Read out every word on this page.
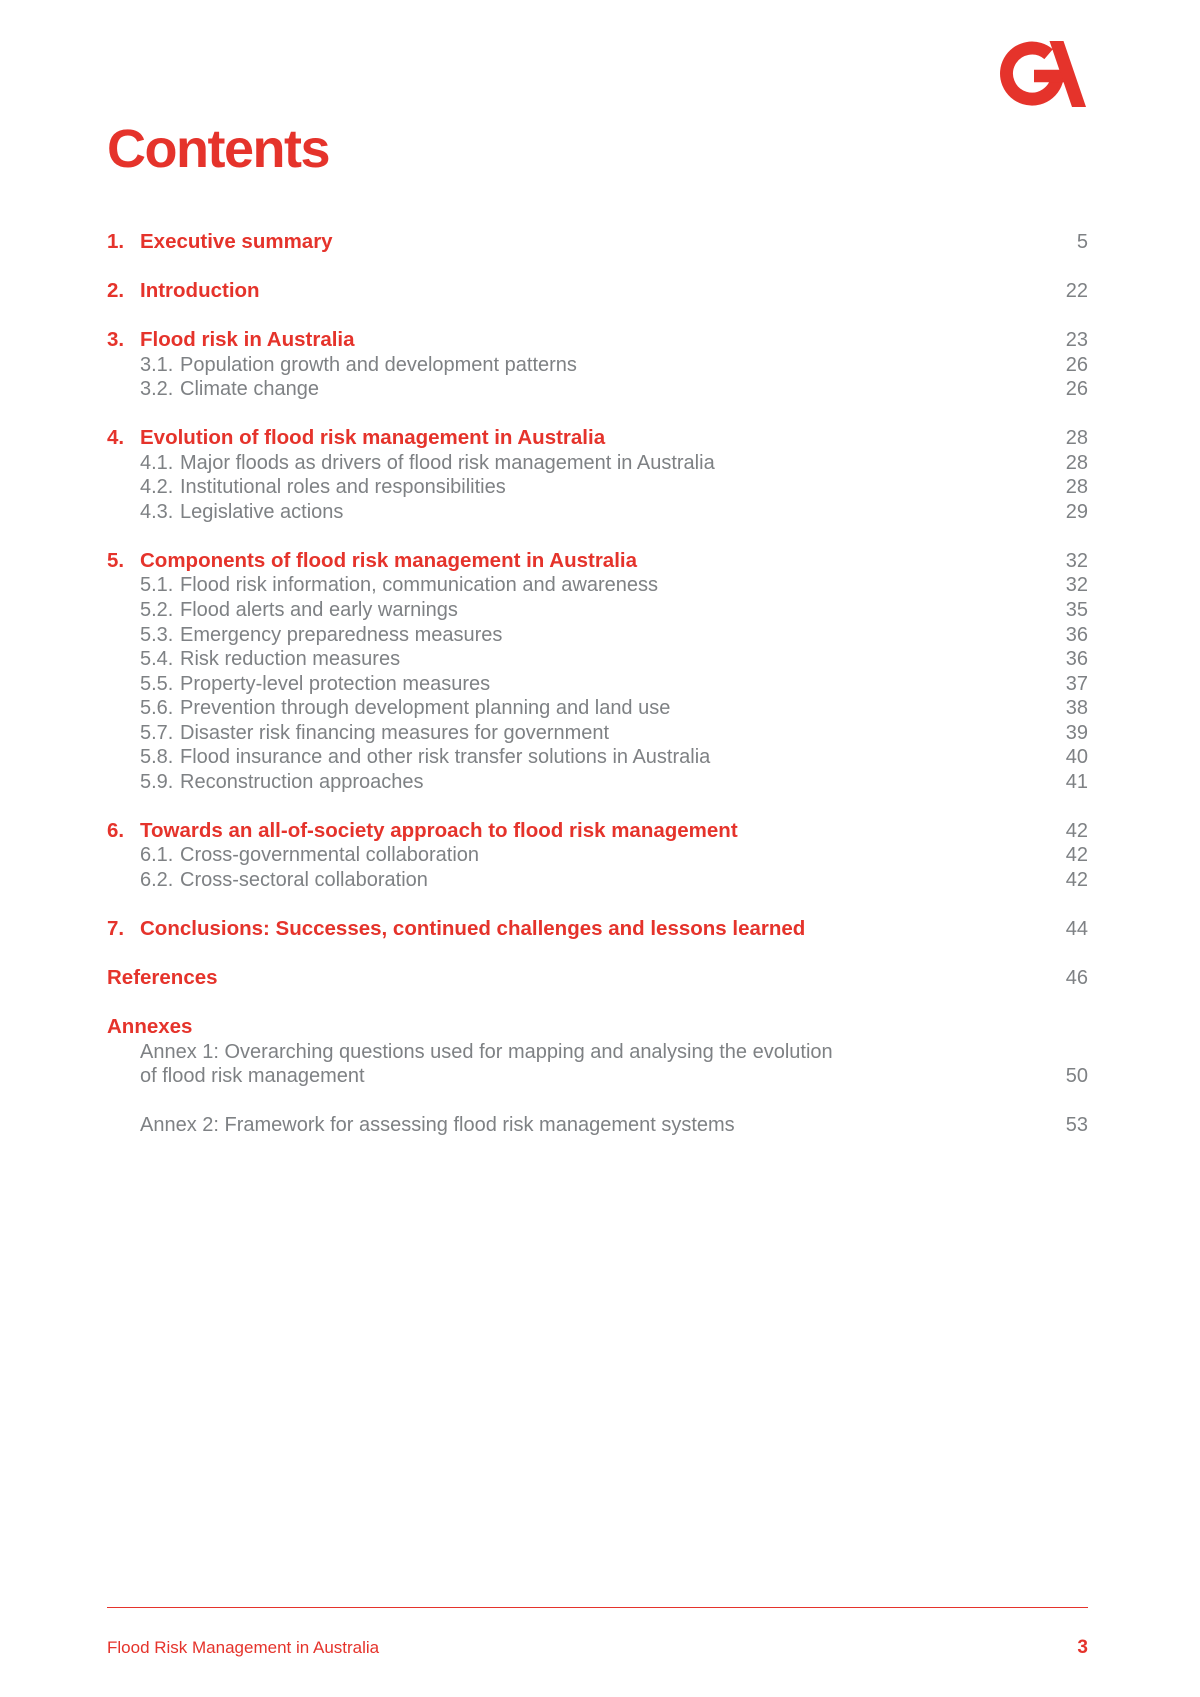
Contents
1. Executive summary	5
2. Introduction	22
3. Flood risk in Australia	23
3.1. Population growth and development patterns	26
3.2. Climate change	26
4. Evolution of flood risk management in Australia	28
4.1. Major floods as drivers of flood risk management in Australia	28
4.2. Institutional roles and responsibilities	28
4.3. Legislative actions	29
5. Components of flood risk management in Australia	32
5.1. Flood risk information, communication and awareness	32
5.2. Flood alerts and early warnings	35
5.3. Emergency preparedness measures	36
5.4. Risk reduction measures	36
5.5. Property-level protection measures	37
5.6. Prevention through development planning and land use	38
5.7. Disaster risk financing measures for government	39
5.8. Flood insurance and other risk transfer solutions in Australia	40
5.9. Reconstruction approaches	41
6. Towards an all-of-society approach to flood risk management	42
6.1. Cross-governmental collaboration	42
6.2. Cross-sectoral collaboration	42
7. Conclusions: Successes, continued challenges and lessons learned	44
References	46
Annexes
Annex 1: Overarching questions used for mapping and analysing the evolution
of flood risk management	50
Annex 2: Framework for assessing flood risk management systems	53
Flood Risk Management in Australia	3
